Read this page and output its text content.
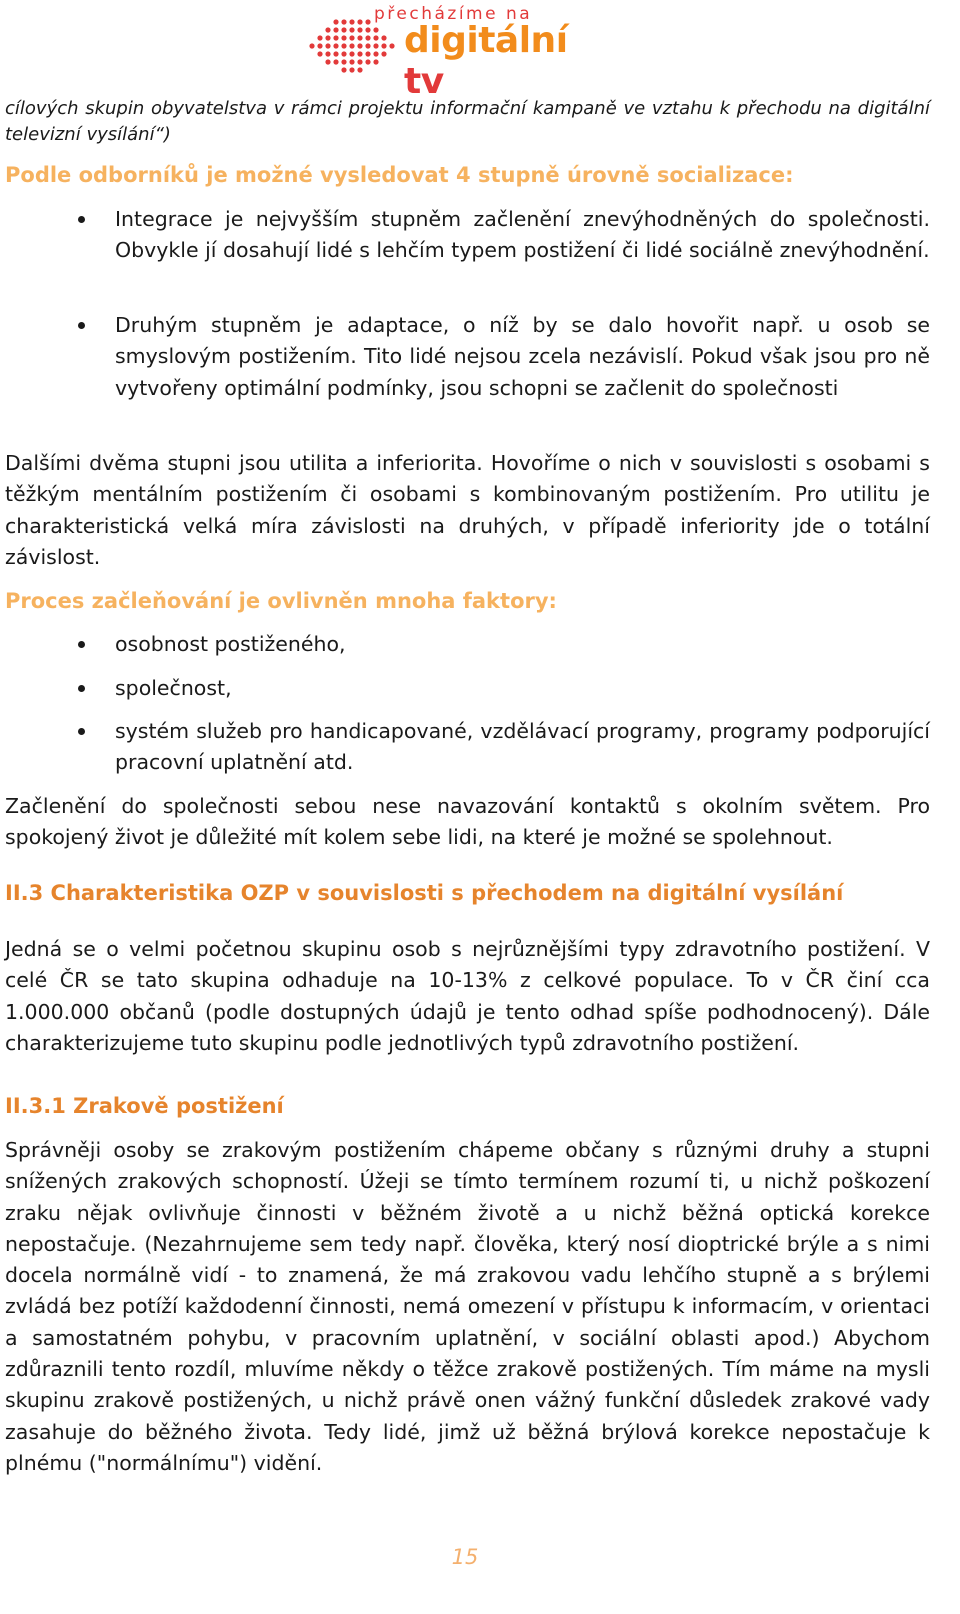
přecházíme na
digitální tv
cílových skupin obyvatelstva v rámci projektu informační kampaně ve vztahu k přechodu na digitální televizní vysílání“)
Podle odborníků je možné vysledovat 4 stupně úrovně socializace:
Integrace je nejvyšším stupněm začlenění znevýhodněných do společnosti. Obvykle jí dosahují lidé s lehčím typem postižení či lidé sociálně znevýhodnění.
Druhým stupněm je adaptace, o níž by se dalo hovořit např. u osob se smyslovým postižením. Tito lidé nejsou zcela nezávislí. Pokud však jsou pro ně vytvořeny optimální podmínky, jsou schopni se začlenit do společnosti
Dalšími dvěma stupni jsou utilita a inferiorita. Hovoříme o nich v souvislosti s osobami s těžkým mentálním postižením či osobami s kombinovaným postižením. Pro utilitu je charakteristická velká míra závislosti na druhých, v případě inferiority jde o totální závislost.
Proces začleňování je ovlivněn mnoha faktory:
osobnost postiženého,
společnost,
systém služeb pro handicapované, vzdělávací programy, programy podporující pracovní uplatnění atd.
Začlenění do společnosti sebou nese navazování kontaktů s okolním světem. Pro spokojený život je důležité mít kolem sebe lidi, na které je možné se spolehnout.
II.3 Charakteristika OZP v souvislosti s přechodem na digitální vysílání
Jedná se o velmi početnou skupinu osob s nejrůznějšími typy zdravotního postižení. V celé ČR se tato skupina odhaduje na 10-13% z celkové populace. To v ČR činí cca 1.000.000 občanů (podle dostupných údajů je tento odhad spíše podhodnocený). Dále charakterizujeme tuto skupinu podle jednotlivých typů zdravotního postižení.
II.3.1 Zrakově postižení
Správněji osoby se zrakovým postižením chápeme občany s různými druhy a stupni snížených zrakových schopností. Úžeji se tímto termínem rozumí ti, u nichž poškození zraku nějak ovlivňuje činnosti v běžném životě a u nichž běžná optická korekce nepostačuje. (Nezahrnujeme sem tedy např. člověka, který nosí dioptrické brýle a s nimi docela normálně vidí - to znamená, že má zrakovou vadu lehčího stupně a s brýlemi zvládá bez potíží každodenní činnosti, nemá omezení v přístupu k informacím, v orientaci a samostatném pohybu, v pracovním uplatnění, v sociální oblasti apod.) Abychom zdůraznili tento rozdíl, mluvíme někdy o těžce zrakově postižených. Tím máme na mysli skupinu zrakově postižených, u nichž právě onen vážný funkční důsledek zrakové vady zasahuje do běžného života. Tedy lidé, jimž už běžná brýlová korekce nepostačuje k plnému ("normálnímu") vidění.
15
